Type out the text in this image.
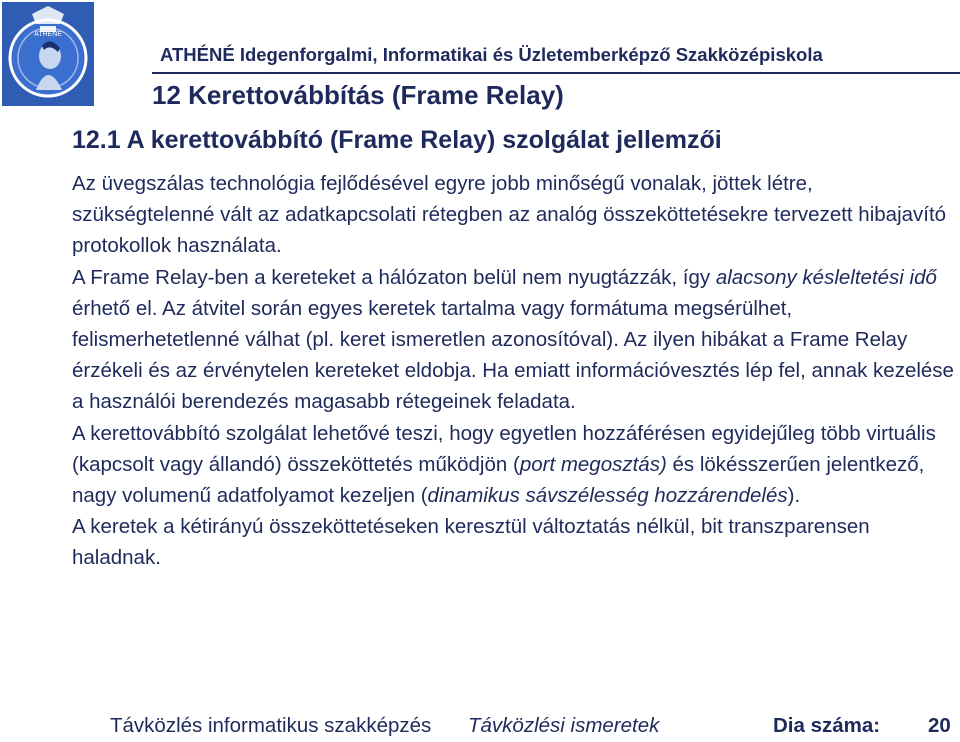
ATHENE
ATHÉNÉ Idegenforgalmi, Informatikai és Üzletemberképző Szakközépiskola
12 Kerettovábbítás (Frame Relay)
12.1 A kerettovábbító (Frame Relay) szolgálat jellemzői

Az üvegszálas technológia fejlődésével egyre jobb minőségű vonalak, jöttek létre, szükségtelenné vált az adatkapcsolati rétegben az analóg összeköttetésekre tervezett hibajavító protokollok használata.

A Frame Relay-ben a kereteket a hálózaton belül nem nyugtázzák, így alacsony késleltetési idő érhető el. Az átvitel során egyes keretek tartalma vagy formátuma megsérülhet, felismerhetetlenné válhat (pl. keret ismeretlen azonosítóval). Az ilyen hibákat a Frame Relay érzékeli és az érvénytelen kereteket eldobja. Ha emiatt információvesztés lép fel, annak kezelése a használói berendezés magasabb rétegeinek feladata.

A kerettovábbító szolgálat lehetővé teszi, hogy egyetlen hozzáférésen egyidejűleg több virtuális (kapcsolt vagy állandó) összeköttetés működjön (port megosztás) és lökésszerűen jelentkező, nagy volumenű adatfolyamot kezeljen (dinamikus sávszélesség hozzárendelés).

A keretek a kétirányú összeköttetéseken keresztül változtatás nélkül, bit transzparensen haladnak.

Távközlés informatikus szakképzés Távközlési ismeretek	Dia száma: 20
